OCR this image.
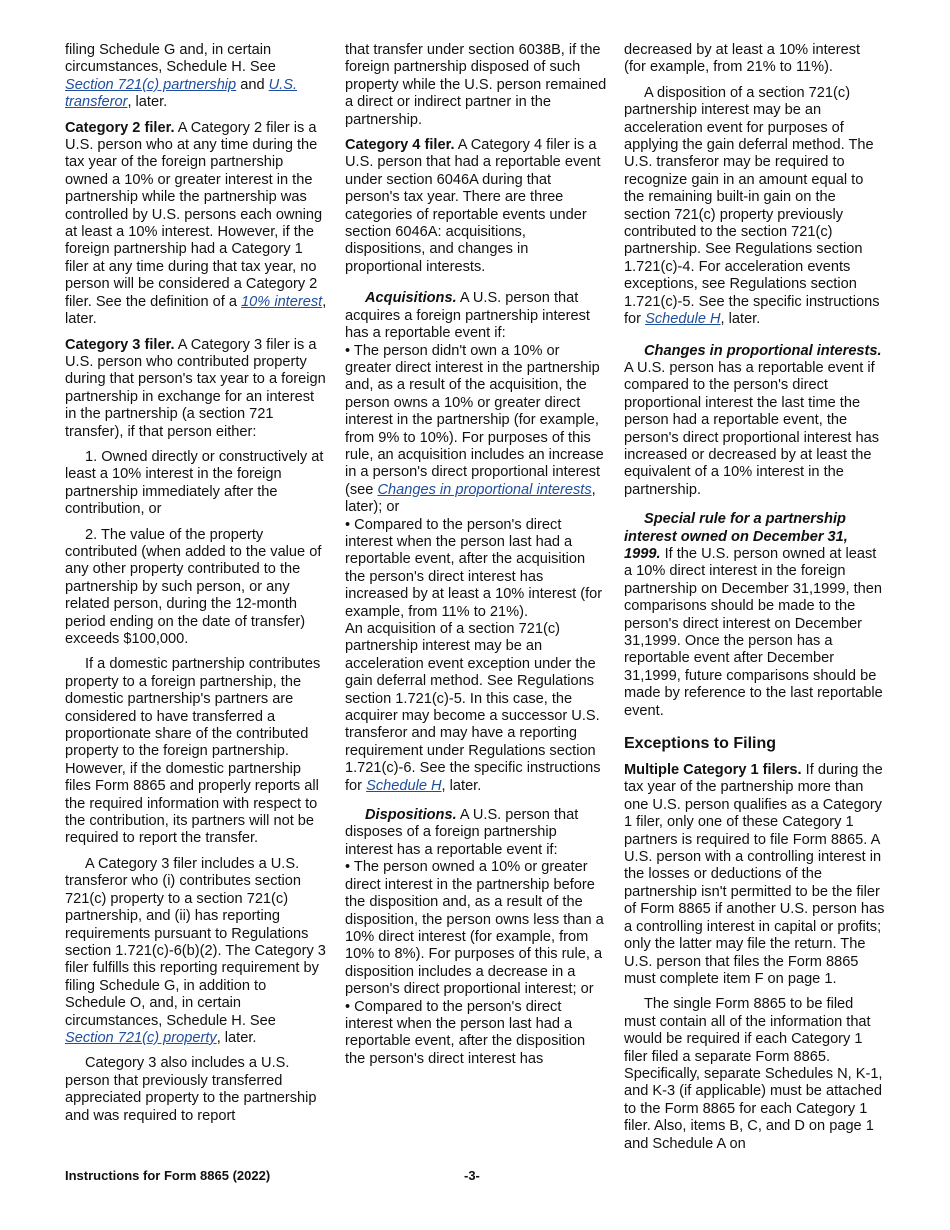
filing Schedule G and, in certain circumstances, Schedule H. See Section 721(c) partnership and U.S. transferor, later.

Category 2 filer. A Category 2 filer is a U.S. person who at any time during the tax year of the foreign partnership owned a 10% or greater interest in the partnership while the partnership was controlled by U.S. persons each owning at least a 10% interest. However, if the foreign partnership had a Category 1 filer at any time during that tax year, no person will be considered a Category 2 filer. See the definition of a 10% interest, later.

Category 3 filer. A Category 3 filer is a U.S. person who contributed property during that person's tax year to a foreign partnership in exchange for an interest in the partnership (a section 721 transfer), if that person either:

1. Owned directly or constructively at least a 10% interest in the foreign partnership immediately after the contribution, or

2. The value of the property contributed (when added to the value of any other property contributed to the partnership by such person, or any related person, during the 12-month period ending on the date of transfer) exceeds $100,000.

If a domestic partnership contributes property to a foreign partnership, the domestic partnership's partners are considered to have transferred a proportionate share of the contributed property to the foreign partnership. However, if the domestic partnership files Form 8865 and properly reports all the required information with respect to the contribution, its partners will not be required to report the transfer.

A Category 3 filer includes a U.S. transferor who (i) contributes section 721(c) property to a section 721(c) partnership, and (ii) has reporting requirements pursuant to Regulations section 1.721(c)-6(b)(2). The Category 3 filer fulfills this reporting requirement by filing Schedule G, in addition to Schedule O, and, in certain circumstances, Schedule H. See Section 721(c) property, later.

Category 3 also includes a U.S. person that previously transferred appreciated property to the partnership and was required to report

that transfer under section 6038B, if the foreign partnership disposed of such property while the U.S. person remained a direct or indirect partner in the partnership.

Category 4 filer. A Category 4 filer is a U.S. person that had a reportable event under section 6046A during that person's tax year. There are three categories of reportable events under section 6046A: acquisitions, dispositions, and changes in proportional interests.

Acquisitions. A U.S. person that acquires a foreign partnership interest has a reportable event if:

• The person didn't own a 10% or greater direct interest in the partnership and, as a result of the acquisition, the person owns a 10% or greater direct interest in the partnership (for example, from 9% to 10%). For purposes of this rule, an acquisition includes an increase in a person's direct proportional interest (see Changes in proportional interests, later); or

• Compared to the person's direct interest when the person last had a reportable event, after the acquisition the person's direct interest has increased by at least a 10% interest (for example, from 11% to 21%).

An acquisition of a section 721(c) partnership interest may be an acceleration event exception under the gain deferral method. See Regulations section 1.721(c)-5. In this case, the acquirer may become a successor U.S. transferor and may have a reporting requirement under Regulations section 1.721(c)-6. See the specific instructions for Schedule H, later.

Dispositions. A U.S. person that disposes of a foreign partnership interest has a reportable event if:

• The person owned a 10% or greater direct interest in the partnership before the disposition and, as a result of the disposition, the person owns less than a 10% direct interest (for example, from 10% to 8%). For purposes of this rule, a disposition includes a decrease in a person's direct proportional interest; or

• Compared to the person's direct interest when the person last had a reportable event, after the disposition the person's direct interest has

decreased by at least a 10% interest (for example, from 21% to 11%).

A disposition of a section 721(c) partnership interest may be an acceleration event for purposes of applying the gain deferral method. The U.S. transferor may be required to recognize gain in an amount equal to the remaining built-in gain on the section 721(c) property previously contributed to the section 721(c) partnership. See Regulations section 1.721(c)-4. For acceleration events exceptions, see Regulations section 1.721(c)-5. See the specific instructions for Schedule H, later.

Changes in proportional interests. A U.S. person has a reportable event if compared to the person's direct proportional interest the last time the person had a reportable event, the person's direct proportional interest has increased or decreased by at least the equivalent of a 10% interest in the partnership.

Special rule for a partnership interest owned on December 31, 1999. If the U.S. person owned at least a 10% direct interest in the foreign partnership on December 31,1999, then comparisons should be made to the person's direct interest on December 31,1999. Once the person has a reportable event after December 31,1999, future comparisons should be made by reference to the last reportable event.

Exceptions to Filing

Multiple Category 1 filers. If during the tax year of the partnership more than one U.S. person qualifies as a Category 1 filer, only one of these Category 1 partners is required to file Form 8865. A U.S. person with a controlling interest in the losses or deductions of the partnership isn't permitted to be the filer of Form 8865 if another U.S. person has a controlling interest in capital or profits; only the latter may file the return. The U.S. person that files the Form 8865 must complete item F on page 1.

The single Form 8865 to be filed must contain all of the information that would be required if each Category 1 filer filed a separate Form 8865. Specifically, separate Schedules N, K-1, and K-3 (if applicable) must be attached to the Form 8865 for each Category 1 filer. Also, items B, C, and D on page 1 and Schedule A on

Instructions for Form 8865 (2022)	-3-
